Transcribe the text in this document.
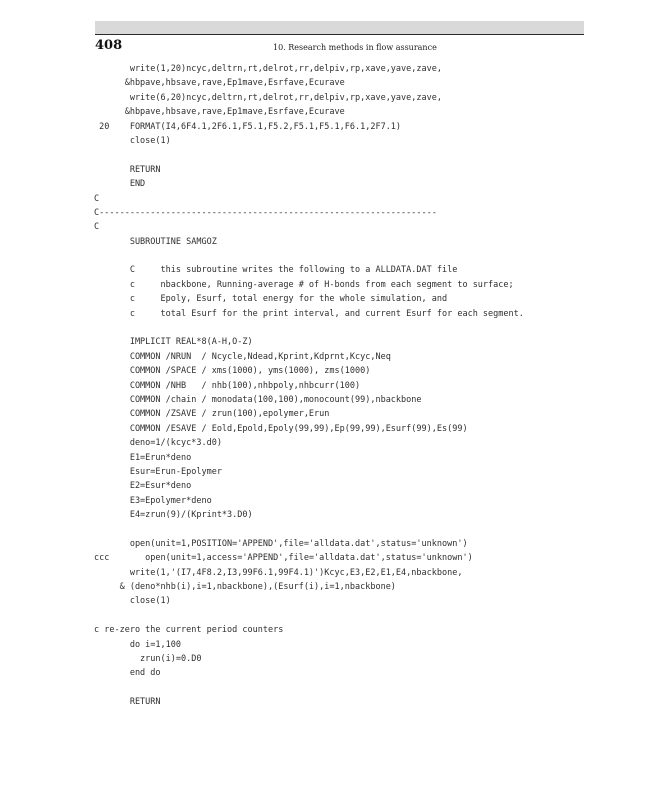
408	10. Research methods in flow assurance
write(1,20)ncyc,deltrn,rt,delrot,rr,delpiv,rp,xave,yave,zave,
&hbpave,hbsave,rave,Ep1mave,Esrfave,Ecurave
write(6,20)ncyc,deltrn,rt,delrot,rr,delpiv,rp,xave,yave,zave,
&hbpave,hbsave,rave,Ep1mave,Esrfave,Ecurave
20    FORMAT(I4,6F4.1,2F6.1,F5.1,F5.2,F5.1,F5.1,F6.1,2F7.1)
close(1)
RETURN
END
C
C------------------------------------------------------------------
C
SUBROUTINE SAMGOZ
C     this subroutine writes the following to a ALLDATA.DAT file
c     nbackbone, Running-average # of H-bonds from each segment to surface;
c     Epoly, Esurf, total energy for the whole simulation, and
c     total Esurf for the print interval, and current Esurf for each segment.
IMPLICIT REAL*8(A-H,O-Z)
COMMON /NRUN  / Ncycle,Ndead,Kprint,Kdprnt,Kcyc,Neq
COMMON /SPACE / xms(1000), yms(1000), zms(1000)
COMMON /NHB   / nhb(100),nhbpoly,nhbcurr(100)
COMMON /chain / monodata(100,100),monocount(99),nbackbone
COMMON /ZSAVE / zrun(100),epolymer,Erun
COMMON /ESAVE / Eold,Epold,Epoly(99,99),Ep(99,99),Esurf(99),Es(99)
deno=1/(kcyc*3.d0)
E1=Erun*deno
Esur=Erun-Epolymer
E2=Esur*deno
E3=Epolymer*deno
E4=zrun(9)/(Kprint*3.D0)
open(unit=1,POSITION='APPEND',file='alldata.dat',status='unknown')
ccc       open(unit=1,access='APPEND',file='alldata.dat',status='unknown')
write(1,'(I7,4F8.2,I3,99F6.1,99F4.1)')Kcyc,E3,E2,E1,E4,nbackbone,
& (deno*nhb(i),i=1,nbackbone),(Esurf(i),i=1,nbackbone)
close(1)
c re-zero the current period counters
do i=1,100
zrun(i)=0.D0
end do
RETURN
